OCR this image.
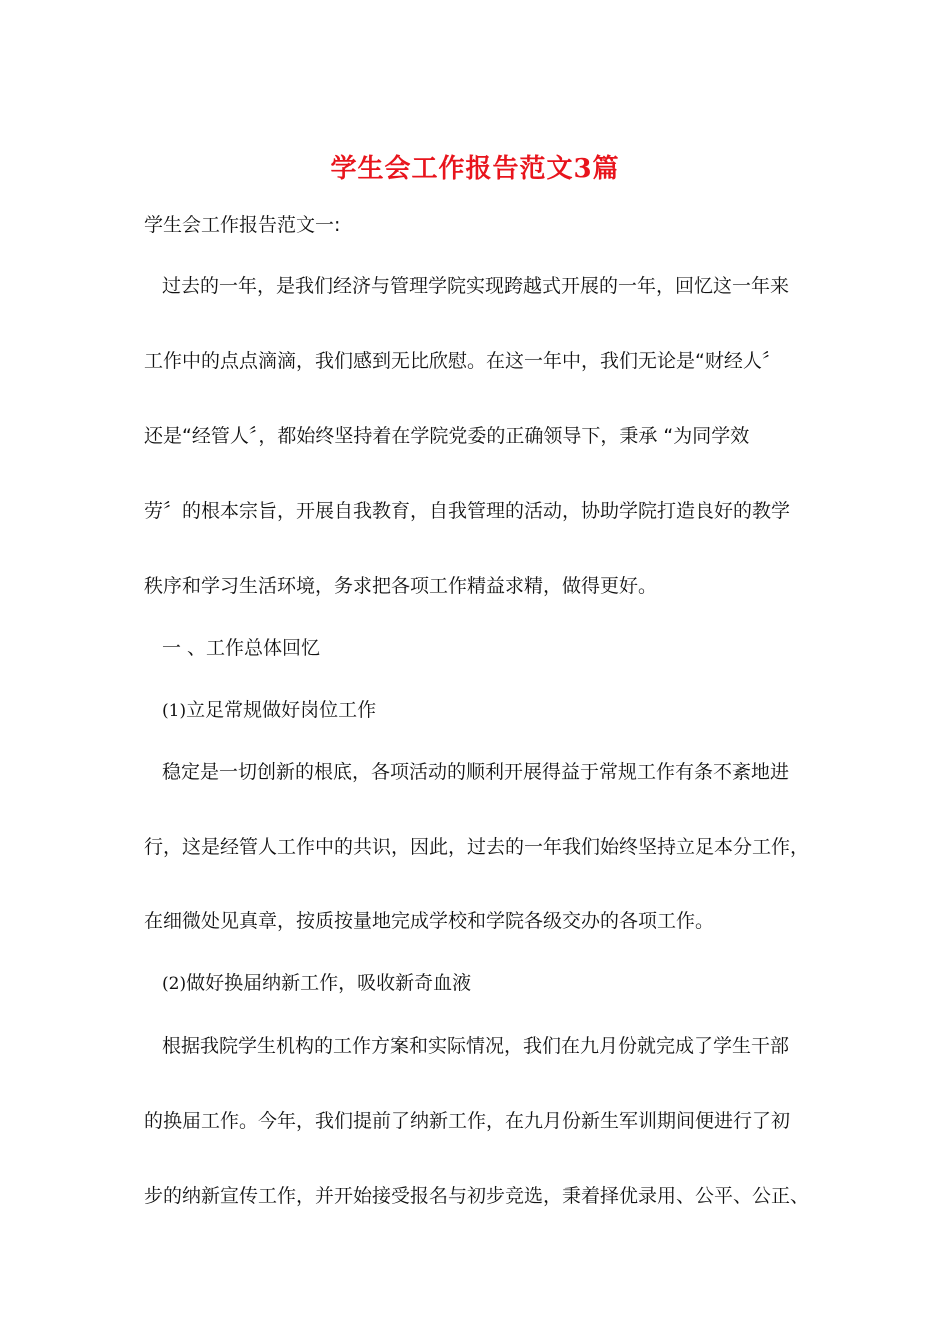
学生会工作报告范文3篇

学生会工作报告范文一:

过去的一年，是我们经济与管理学院实现跨越式开展的一年，回忆这一年来

工作中的点点滴滴，我们感到无比欣慰。在这一年中，我们无论是“财经人〞

还是“经管人〞，都始终坚持着在学院党委的正确领导下，秉承 “为同学效

劳〞的根本宗旨，开展自我教育，自我管理的活动，协助学院打造良好的教学

秩序和学习生活环境，务求把各项工作精益求精，做得更好。

一 、工作总体回忆

(1)立足常规做好岗位工作

稳定是一切创新的根底，各项活动的顺利开展得益于常规工作有条不紊地进

行，这是经管人工作中的共识，因此，过去的一年我们始终坚持立足本分工作，

在细微处见真章，按质按量地完成学校和学院各级交办的各项工作。

(2)做好换届纳新工作，吸收新奇血液

根据我院学生机构的工作方案和实际情况，我们在九月份就完成了学生干部

的换届工作。今年，我们提前了纳新工作，在九月份新生军训期间便进行了初

步的纳新宣传工作，并开始接受报名与初步竞选，秉着择优录用、公平、公正、
